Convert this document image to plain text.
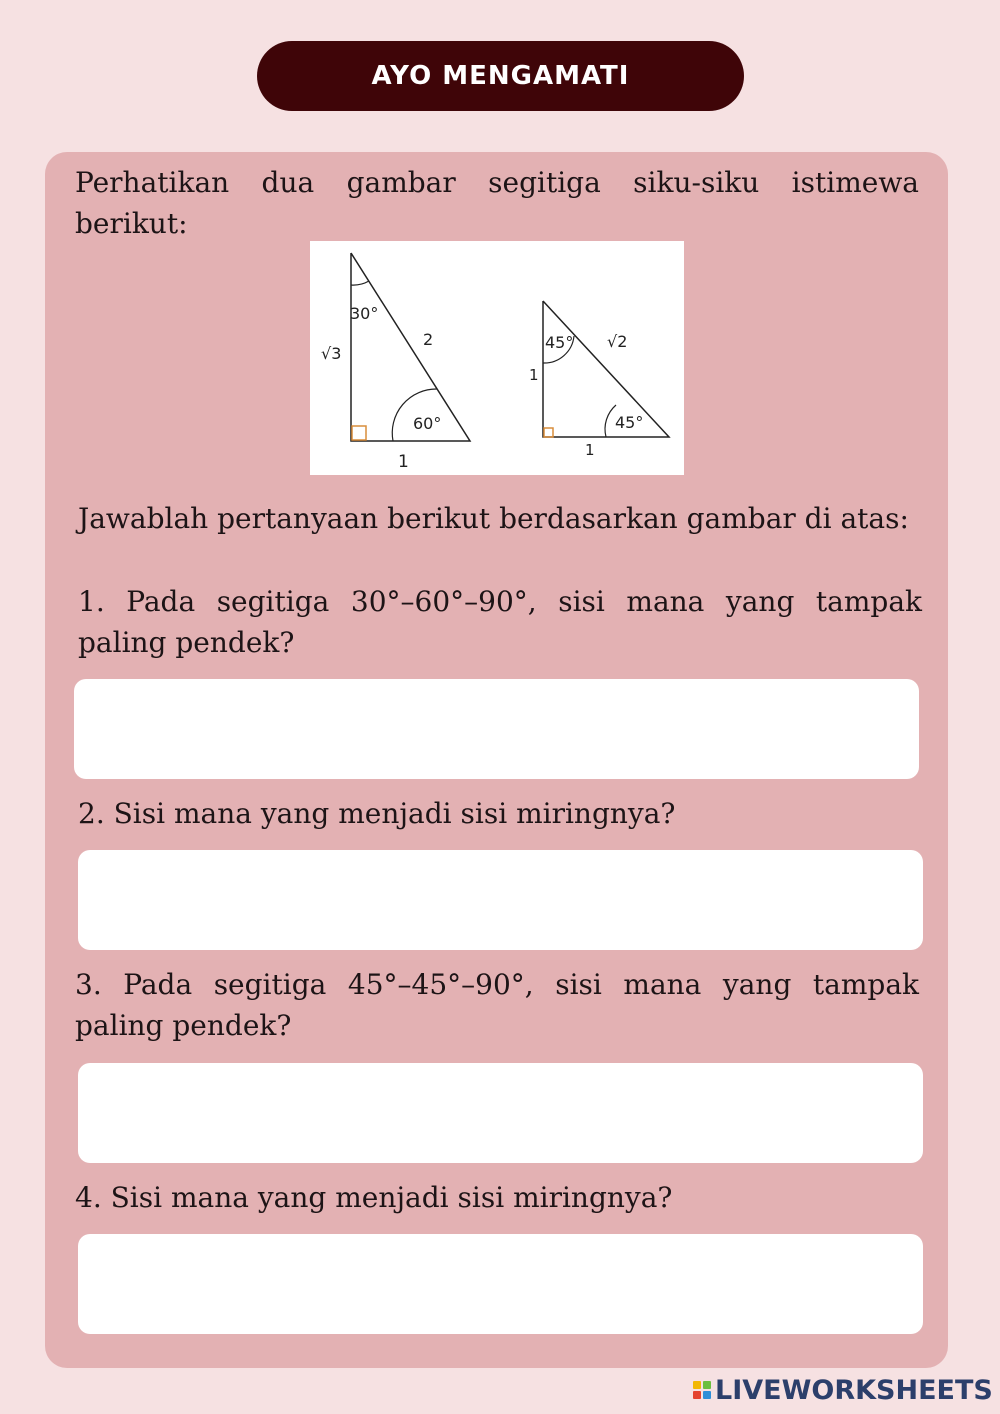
AYO MENGAMATI
Perhatikan dua gambar segitiga siku-siku istimewa berikut:
30°
60°
√3
2
1
45°
45°
1
√2
1
Jawablah pertanyaan berikut berdasarkan gambar di atas:
1. Pada segitiga 30°–60°–90°, sisi mana yang tampak paling pendek?
2. Sisi mana yang menjadi sisi miringnya?
3. Pada segitiga 45°–45°–90°, sisi mana yang tampak paling pendek?
4. Sisi mana yang menjadi sisi miringnya?
LIVEWORKSHEETS
